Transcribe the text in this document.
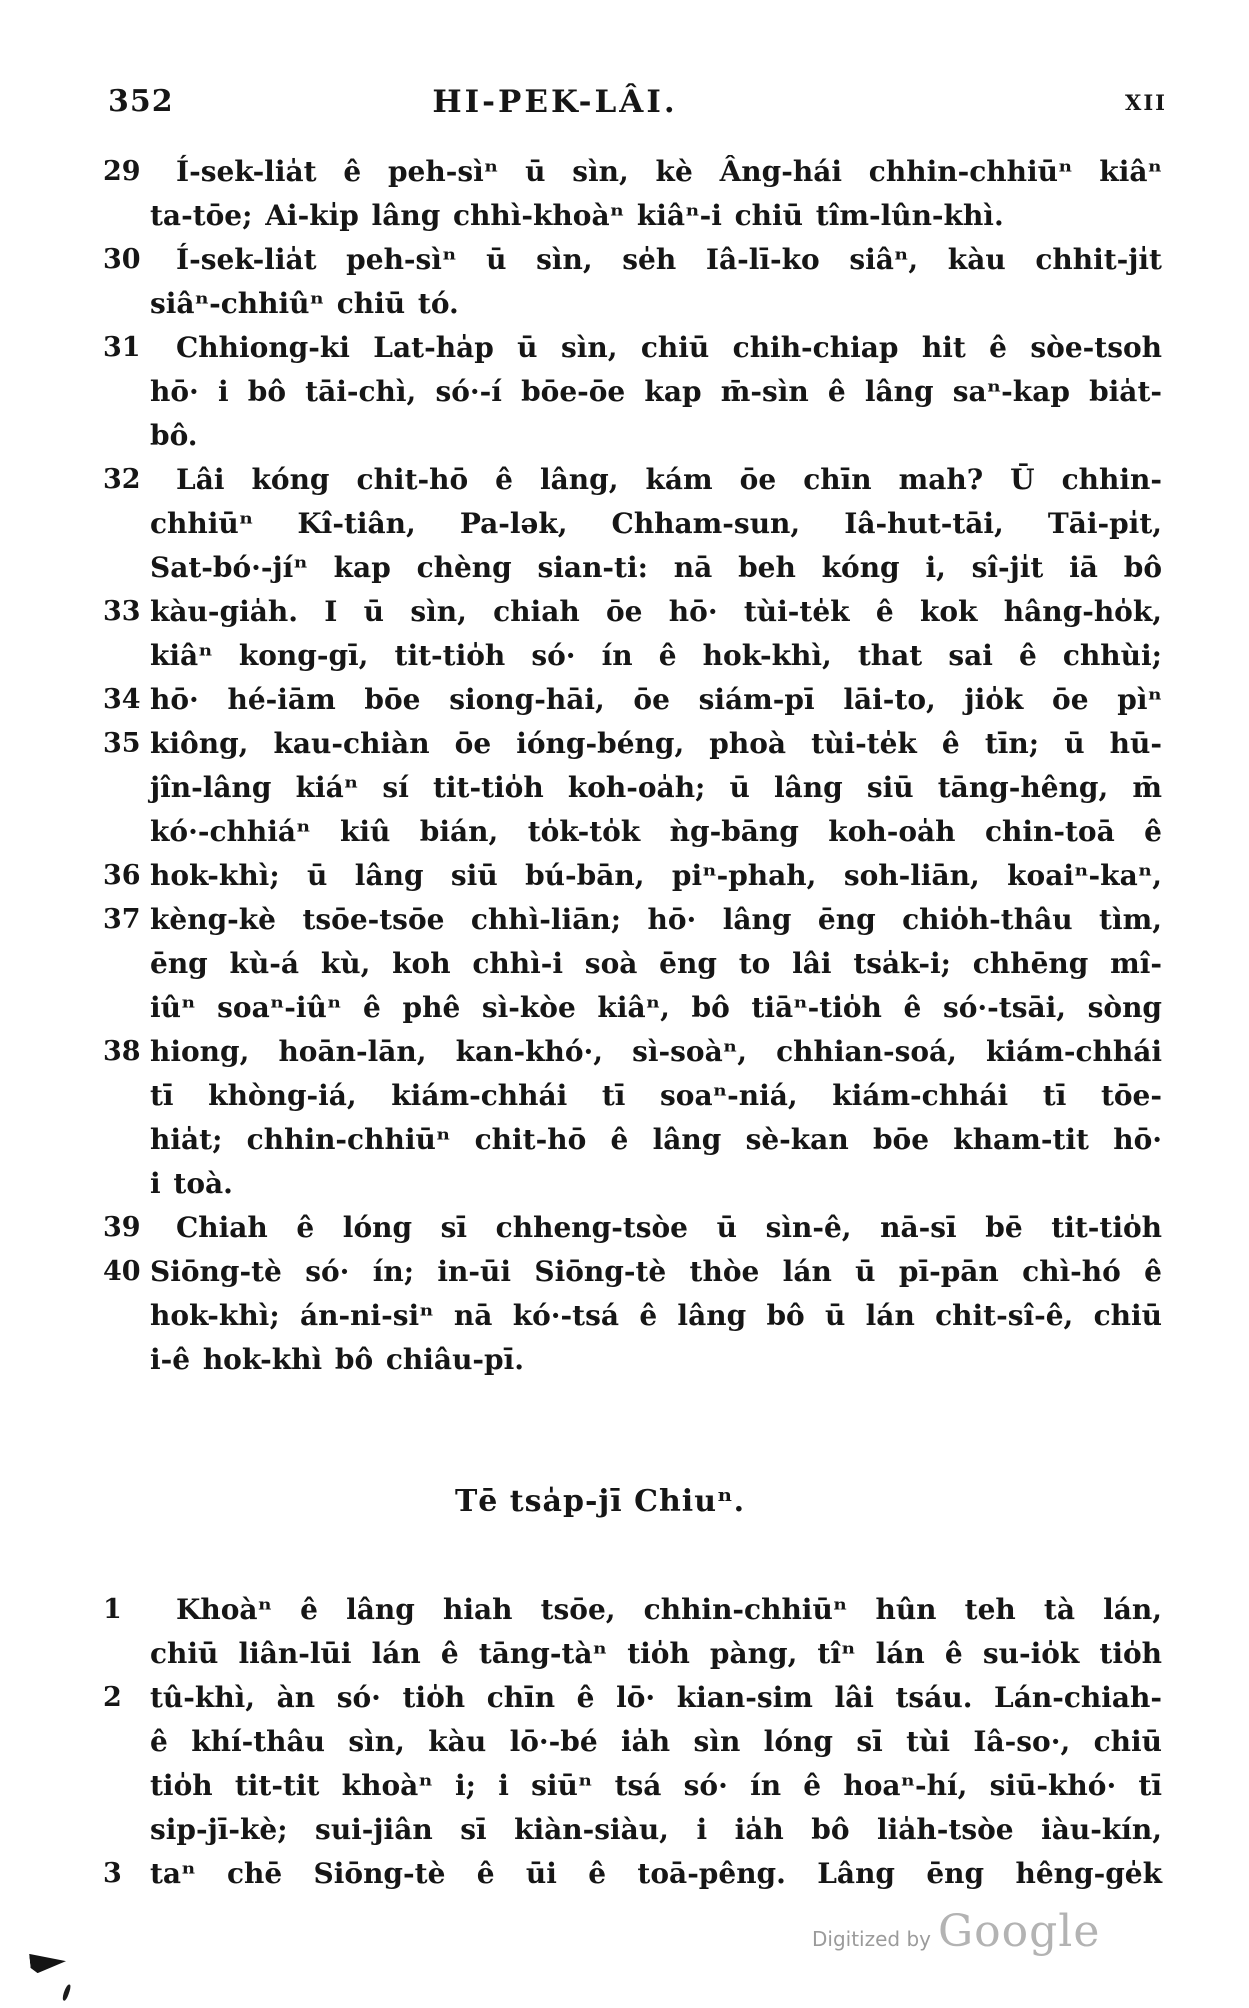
352	HI-PEK-LÂI.	XII
29 Í-sek-lia̍t ê peh-sìⁿ ū sìn, kè Âng-hái chhin-chhiūⁿ kiâⁿ
ta-tōe; Ai-ki̍p lâng chhì-khoàⁿ kiâⁿ-i chiū tîm-lûn-khì.
30 Í-sek-lia̍t peh-sìⁿ ū sìn, se̍h Iâ-lī-ko siâⁿ, kàu chhit-ji̍t
siâⁿ-chhiûⁿ chiū tó.
31 Chhiong-ki Lat-ha̍p ū sìn, chiū chih-chiap hit ê sòe-tsoh
hō· i bô tāi-chì, só·-í bōe-ōe kap m̄-sìn ê lâng saⁿ-kap bia̍t-
bô.
32 Lâi kóng chit-hō ê lâng, kám ōe chīn mah? Ū chhin-
chhiūⁿ Kî-tiân, Pa-lək, Chham-sun, Iâ-hut-tāi, Tāi-pi̍t,
Sat-bó·-jíⁿ kap chèng sian-ti: nā beh kóng i, sî-ji̍t iā bô
33 kàu-gia̍h. I ū sìn, chiah ōe hō· tùi-te̍k ê kok hâng-ho̍k,
kiâⁿ kong-gī, tit-tio̍h só· ín ê hok-khì, that sai ê chhùi;
34 hō· hé-iām bōe siong-hāi, ōe siám-pī lāi-to, jio̍k ōe pìⁿ
35 kiông, kau-chiàn ōe ióng-béng, phoà tùi-te̍k ê tīn; ū hū-
jîn-lâng kiáⁿ sí tit-tio̍h koh-oa̍h; ū lâng siū tāng-hêng, m̄
kó·-chhiáⁿ kiû bián, to̍k-to̍k ǹg-bāng koh-oa̍h chin-toā ê
36 hok-khì; ū lâng siū bú-bān, piⁿ-phah, soh-liān, koaiⁿ-kaⁿ,
37 kèng-kè tsōe-tsōe chhì-liān; hō· lâng ēng chio̍h-thâu tìm,
ēng kù-á kù, koh chhì-i soà ēng to lâi tsa̍k-i; chhēng mî-
iûⁿ soaⁿ-iûⁿ ê phê sì-kòe kiâⁿ, bô tiāⁿ-tio̍h ê só·-tsāi, sòng
38 hiong, hoān-lān, kan-khó·, sì-soàⁿ, chhian-soá, kiám-chhái
tī khòng-iá, kiám-chhái tī soaⁿ-niá, kiám-chhái tī tōe-
hia̍t; chhin-chhiūⁿ chit-hō ê lâng sè-kan bōe kham-tit hō·
i toà.
39 Chiah ê lóng sī chheng-tsòe ū sìn-ê, nā-sī bē tit-tio̍h
40 Siōng-tè só· ín; in-ūi Siōng-tè thòe lán ū pī-pān chì-hó ê
hok-khì; án-ni-siⁿ nā kó·-tsá ê lâng bô ū lán chit-sî-ê, chiū
i-ê hok-khì bô chiâu-pī.
Tē tsa̍p-jī Chiuⁿ.
1	Khoàⁿ ê lâng hiah tsōe, chhin-chhiūⁿ hûn teh tà lán,
chiū liân-lūi lán ê tāng-tàⁿ tio̍h pàng, tîⁿ lán ê su-io̍k tio̍h
2	tû-khì, àn só· tio̍h chīn ê lō· kian-sim lâi tsáu. Lán-chiah-
ê khí-thâu sìn, kàu lō·-bé ia̍h sìn lóng sī tùi Iâ-so·, chiū
tio̍h tit-tit khoàⁿ i; i siūⁿ tsá só· ín ê hoaⁿ-hí, siū-khó· tī
sip-jī-kè; sui-jiân sī kiàn-siàu, i ia̍h bô lia̍h-tsòe iàu-kín,
3	taⁿ chē Siōng-tè ê ūi ê toā-pêng. Lâng ēng hêng-ge̍k
Digitized by Google
